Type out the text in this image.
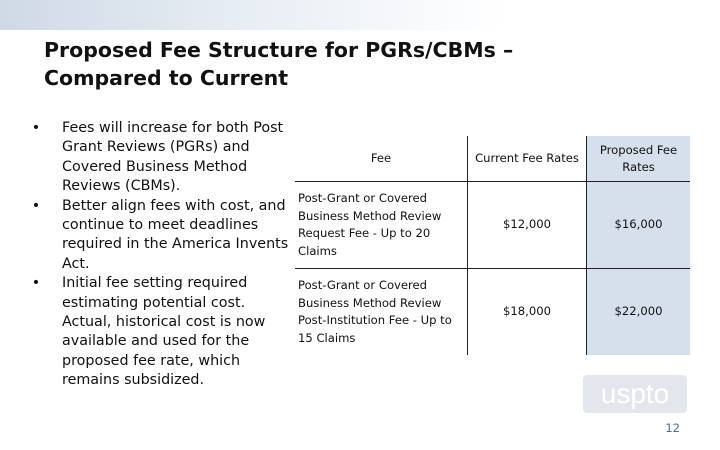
Proposed Fee Structure for PGRs/CBMs – Compared to Current
• Fees will increase for both Post Grant Reviews (PGRs) and Covered Business Method Reviews (CBMs).
• Better align fees with cost, and continue to meet deadlines required in the America Invents Act.
• Initial fee setting required estimating potential cost. Actual, historical cost is now available and used for the proposed fee rate, which remains subsidized.
Fee	Current Fee Rates	Proposed Fee Rates
Post-Grant or Covered Business Method Review Request Fee - Up to 20 Claims	$12,000	$16,000
Post-Grant or Covered Business Method Review Post-Institution Fee - Up to 15 Claims	$18,000	$22,000
uspto
12
